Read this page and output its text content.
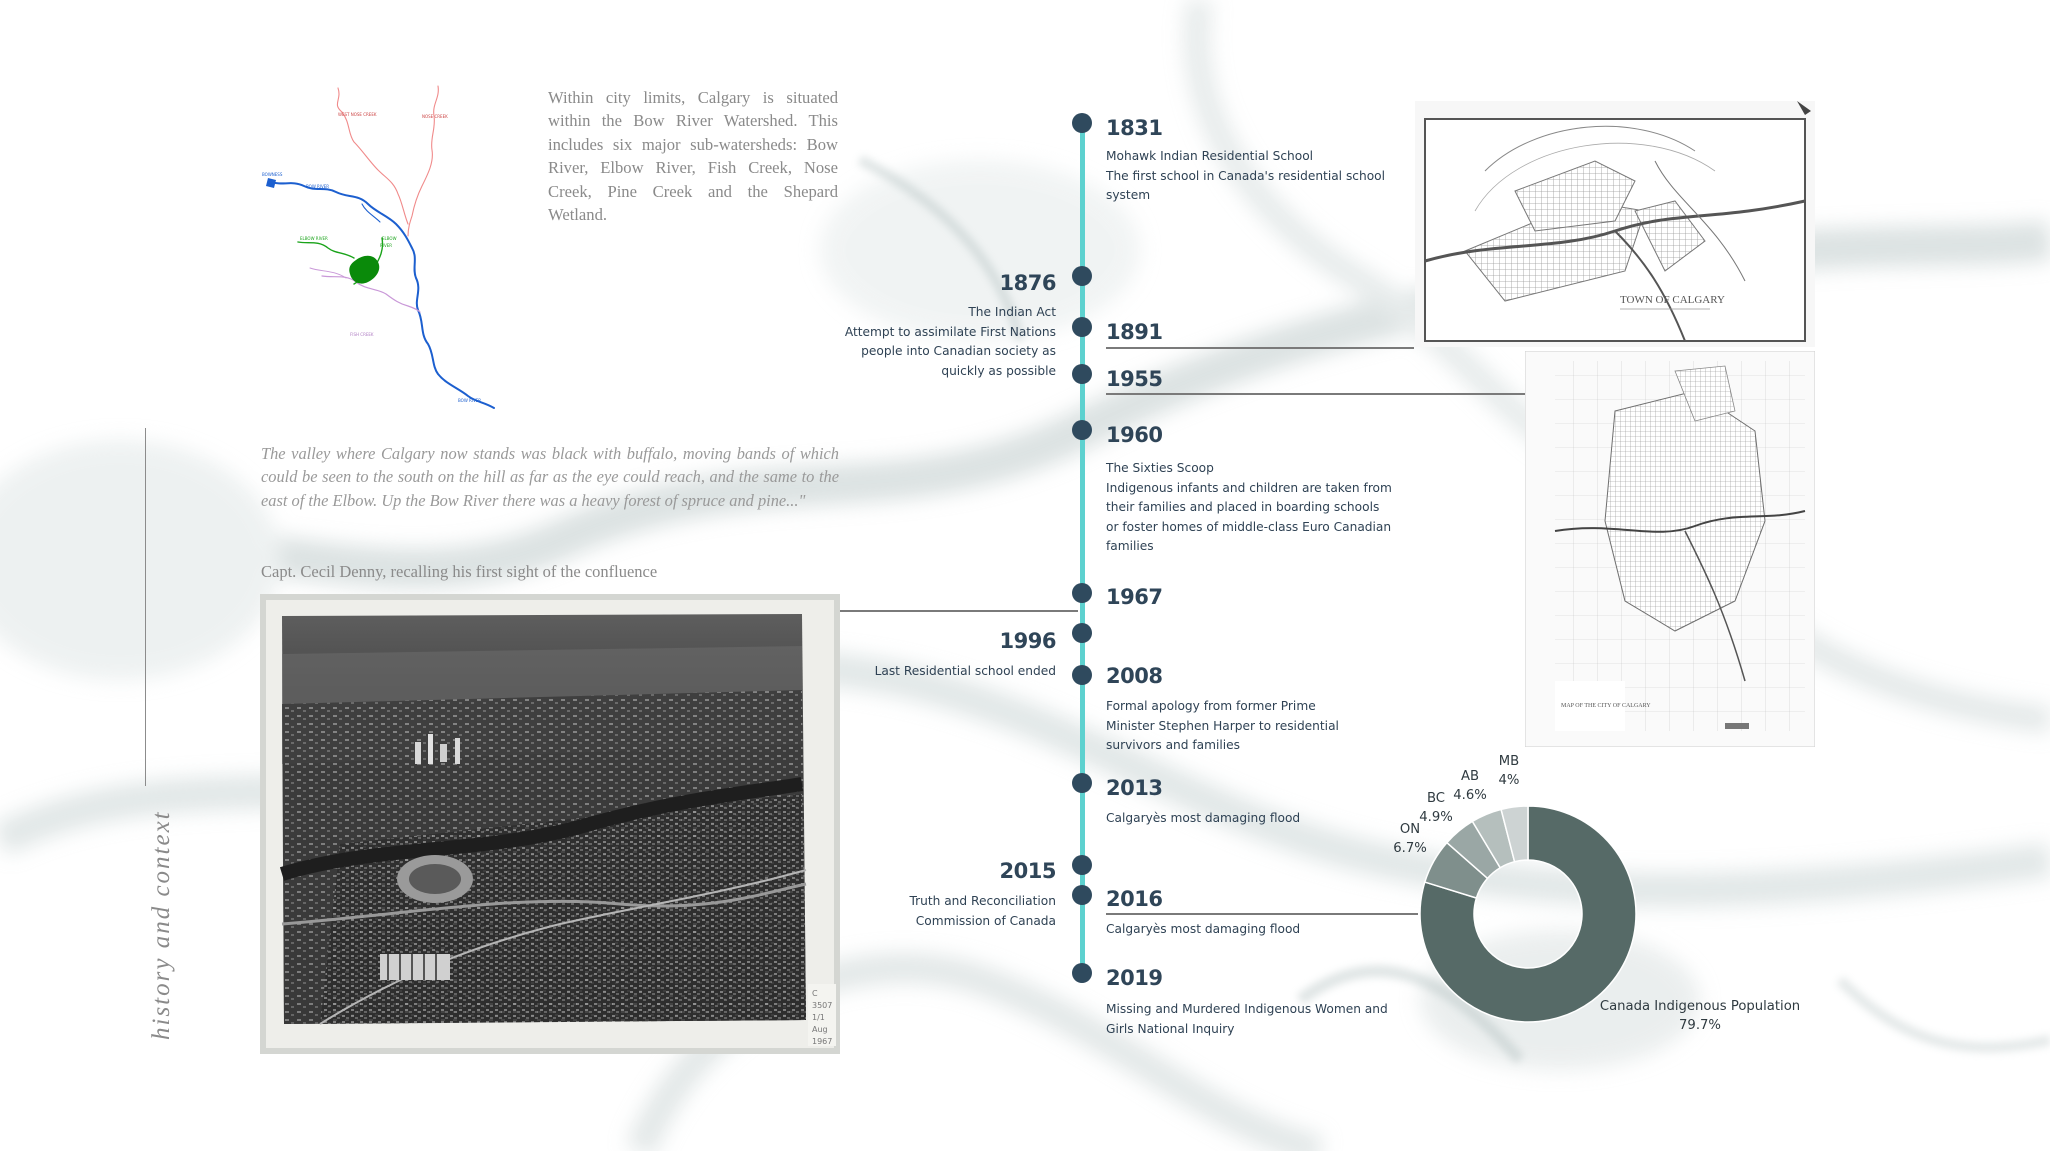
history and context
WEST NOSE CREEK	NOSE CREEK
BOW RIVER
BOWNESS
BOW RIVER
ELBOW
RIVER
ELBOW RIVER
FISH CREEK
Within city limits, Calgary is situated within the Bow River Watershed. This includes six major sub-watersheds: Bow River, Elbow River, Fish Creek, Nose Creek, Pine Creek and the Shepard Wetland.
The valley where Calgary now stands was black with buffalo, moving bands of which could be seen to the south on the hill as far as the eye could reach, and the same to the east of the Elbow. Up the Bow River there was a heavy forest of spruce and pine..."
Capt. Cecil Denny, recalling his first sight of the confluence
C
3507
1/1
Aug
1967
1831
Mohawk Indian Residential School
The first school in Canada's residential school
system
1876
The Indian Act
Attempt to assimilate First Nations
people into Canadian society as
quickly as possible
1891
1955
1960
The Sixties Scoop
Indigenous infants and children are taken from
their families and placed in boarding schools
or foster homes of middle-class Euro Canadian
families
1967
1996
Last Residential school ended 2008
Formal apology from former Prime
Minister Stephen Harper to residential
survivors and families
2013
Calgaryès most damaging flood
2015
Truth and Reconciliation
Commission of Canada
2016
Calgaryès most damaging flood
2019
Missing and Murdered Indigenous Women and
Girls National Inquiry
TOWN OF CALGARY
MAP OF THE CITY OF CALGARY
Canada Indigenous Population
79.7%
ON
6.7%
BC
4.9%
AB
4.6%
MB
4%
